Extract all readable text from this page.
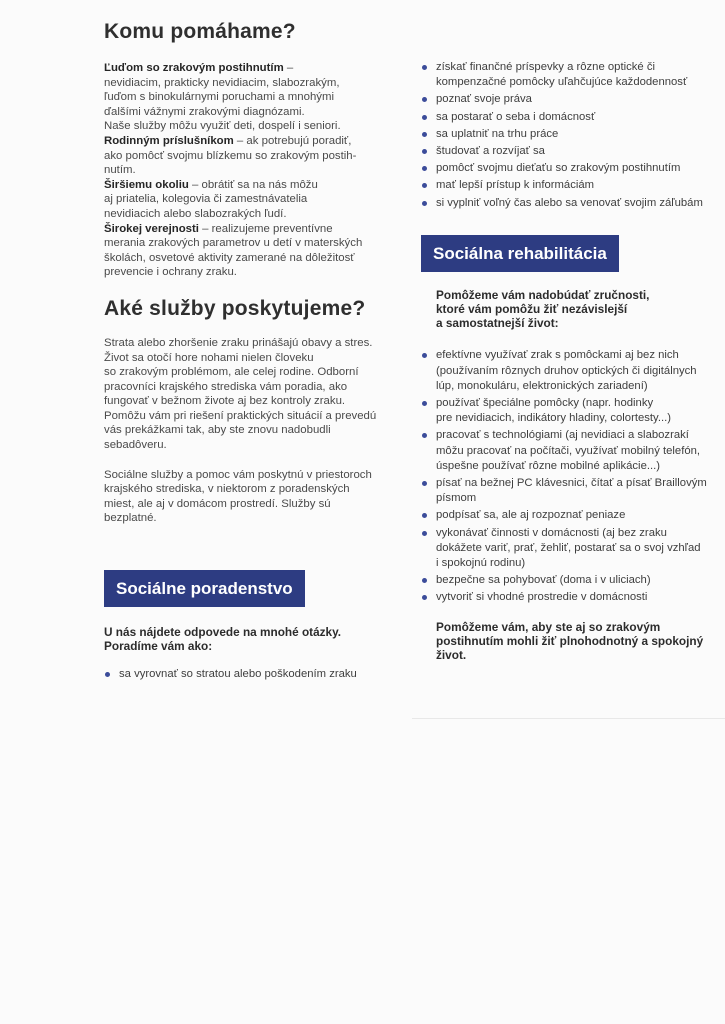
Komu pomáhame?
Ľuďom so zrakovým postihnutím –
nevidiacim, prakticky nevidiacim, slabozrakým,
ľuďom s binokulárnymi poruchami a mnohými
ďalšími vážnymi zrakovými diagnózami.
Naše služby môžu využiť deti, dospelí i seniori.
Rodinným príslušníkom – ak potrebujú poradiť,
ako pomôcť svojmu blízkemu so zrakovým postih-
nutím.
Širšiemu okoliu – obrátiť sa na nás môžu
aj priatelia, kolegovia či zamestnávatelia
nevidiacich alebo slabozrakých ľudí.
Širokej verejnosti – realizujeme preventívne
merania zrakových parametrov u detí v materských
školách, osvetové aktivity zamerané na dôležitosť
prevencie i ochrany zraku.
Aké služby poskytujeme?
Strata alebo zhoršenie zraku prinášajú obavy a stres.
Život sa otočí hore nohami nielen človeku
so zrakovým problémom, ale celej rodine. Odborní
pracovníci krajského strediska vám poradia, ako
fungovať v bežnom živote aj bez kontroly zraku.
Pomôžu vám pri riešení praktických situácií a prevedú
vás prekážkami tak, aby ste znovu nadobudli
sebadôveru.
Sociálne služby a pomoc vám poskytnú v priestoroch
krajského strediska, v niektorom z poradenských
miest, ale aj v domácom prostredí. Služby sú
bezplatné.
Sociálne poradenstvo
U nás nájdete odpovede na mnohé otázky.
Poradíme vám ako:
sa vyrovnať so stratou alebo poškodením zraku
získať finančné príspevky a rôzne optické či
kompenzačné pomôcky uľahčujúce každodennosť
poznať svoje práva
sa postarať o seba i domácnosť
sa uplatniť na trhu práce
študovať a rozvíjať sa
pomôcť svojmu dieťaťu so zrakovým postihnutím
mať lepší prístup k informáciám
si vyplniť voľný čas alebo sa venovať svojim záľubám
Sociálna rehabilitácia
Pomôžeme vám nadobúdať zručnosti,
ktoré vám pomôžu žiť nezávislejší
a samostatnejší život:
efektívne využívať zrak s pomôckami aj bez nich
(používaním rôznych druhov optických či digitálnych
lúp, monokuláru, elektronických zariadení)
používať špeciálne pomôcky (napr. hodinky
pre nevidiacich, indikátory hladiny, colortesty...)
pracovať s technológiami (aj nevidiaci a slabozrakí
môžu pracovať na počítači, využívať mobilný telefón,
úspešne používať rôzne mobilné aplikácie...)
písať na bežnej PC klávesnici, čítať a písať Braillovým
písmom
podpísať sa, ale aj rozpoznať peniaze
vykonávať činnosti v domácnosti (aj bez zraku
dokážete variť, prať, žehliť, postarať sa o svoj vzhľad
i spokojnú rodinu)
bezpečne sa pohybovať (doma i v uliciach)
vytvoriť si vhodné prostredie v domácnosti
Pomôžeme vám, aby ste aj so zrakovým
postihnutím mohli žiť plnohodnotný a spokojný
život.
